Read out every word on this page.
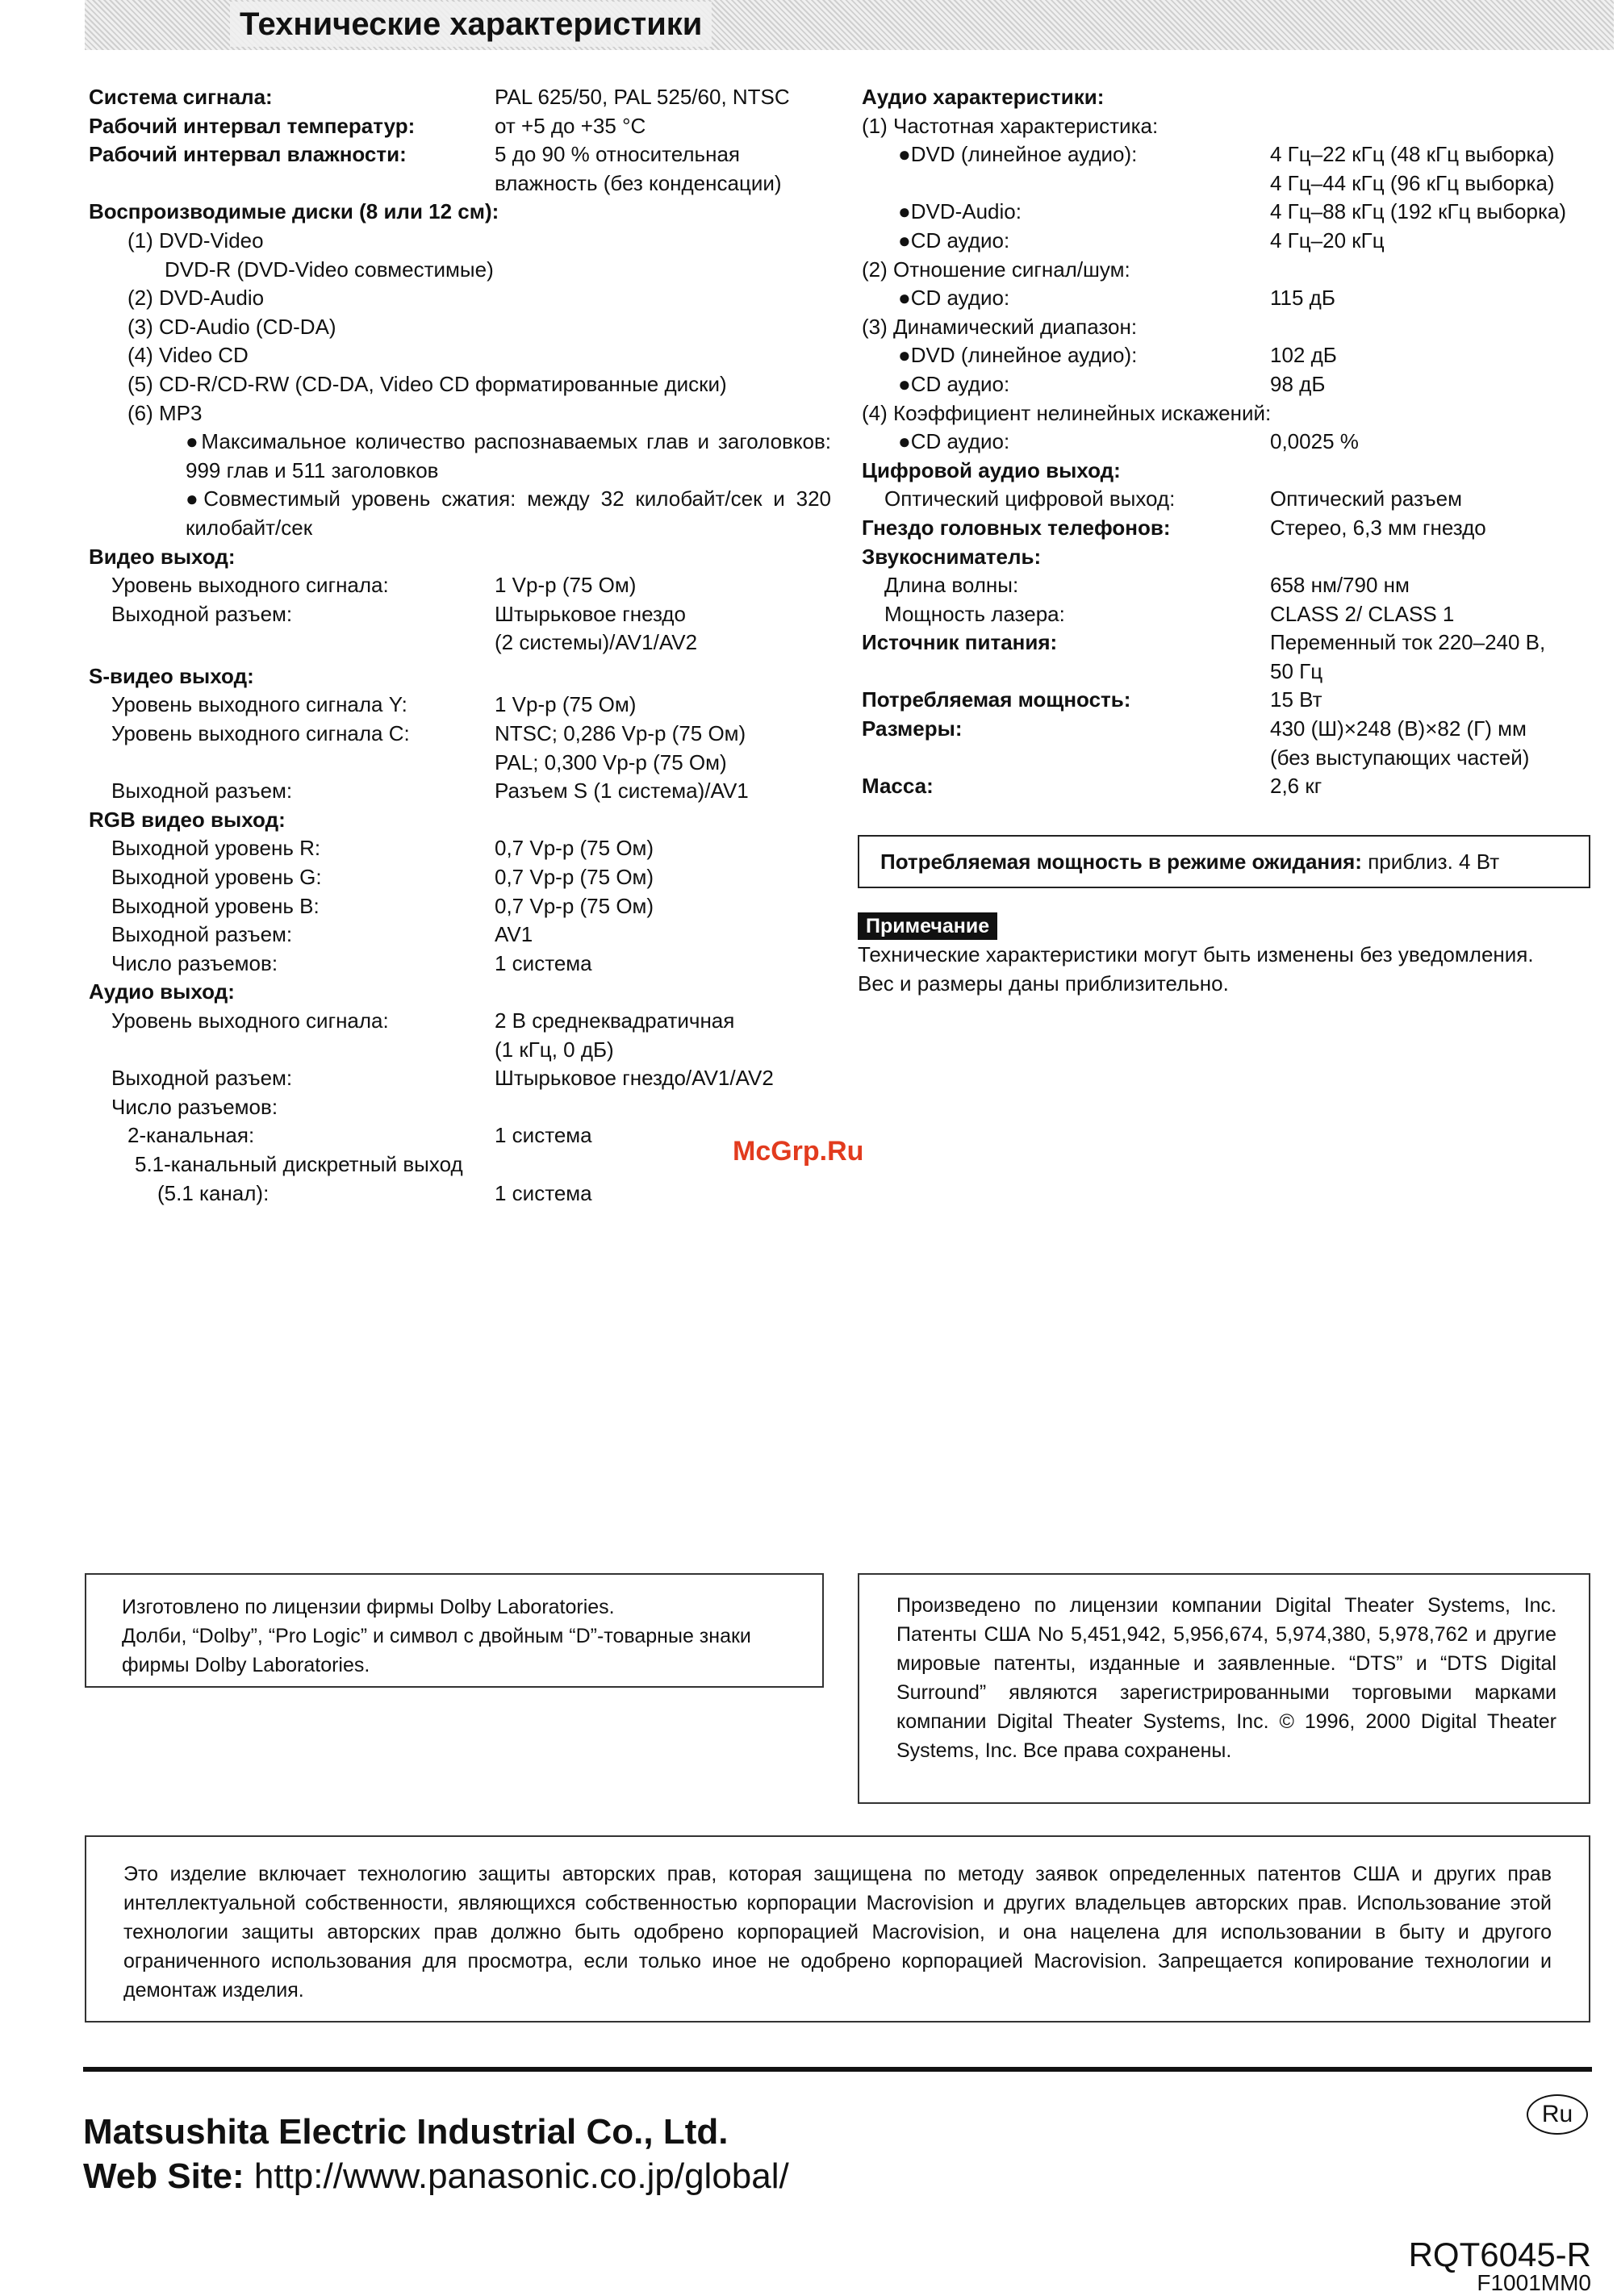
Технические характеристики
Система сигнала:	PAL 625/50, PAL 525/60, NTSC
Рабочий интервал температур:	от +5 до +35 °C
Рабочий интервал влажности:	5 до 90 % относительная
влажность (без конденсации)
Воспроизводимые диски (8 или 12 см):
(1) DVD-Video
DVD-R (DVD-Video совместимые)
(2) DVD-Audio
(3) CD-Audio (CD-DA)
(4) Video CD
(5) CD-R/CD-RW (CD-DA, Video CD форматированные диски)
(6) MP3
●Максимальное количество распознаваемых глав и заголовков: 999 глав и 511 заголовков
●Совместимый уровень сжатия: между 32 килобайт/сек и 320 килобайт/сек
Видео выход:
Уровень выходного сигнала:	1 Vp-p (75 Ом)
Выходной разъем:	Штырьковое гнездо
(2 системы)/AV1/AV2
S-видео выход:
Уровень выходного сигнала Y:	1 Vp-p (75 Ом)
Уровень выходного сигнала C:	NTSC; 0,286 Vp-p (75 Ом)
PAL; 0,300 Vp-p (75 Ом)
Выходной разъем:	Разъем S (1 система)/AV1
RGB видео выход:
Выходной уровень R:	0,7 Vp-p (75 Ом)
Выходной уровень G:	0,7 Vp-p (75 Ом)
Выходной уровень B:	0,7 Vp-p (75 Ом)
Выходной разъем:	AV1
Число разъемов:	1 система
Аудио выход:
Уровень выходного сигнала:	2 В среднеквадратичная
(1 кГц, 0 дБ)
Выходной разъем:	Штырьковое гнездо/AV1/AV2
Число разъемов:
2-канальная:	1 система
5.1-канальный дискретный выход
(5.1 канал):	1 система
Аудио характеристики:
(1) Частотная характеристика:
●DVD (линейное аудио):	4 Гц–22 кГц (48 кГц выборка)
4 Гц–44 кГц (96 кГц выборка)
●DVD-Audio:	4 Гц–88 кГц (192 кГц выборка)
●CD аудио:	4 Гц–20 кГц
(2) Отношение сигнал/шум:
●CD аудио:	115 дБ
(3) Динамический диапазон:
●DVD (линейное аудио):	102 дБ
●CD аудио:	98 дБ
(4) Коэффициент нелинейных искажений:
●CD аудио:	0,0025 %
Цифровой аудио выход:
Оптический цифровой выход:	Оптический разъем
Гнездо головных телефонов:	Стерео, 6,3 мм гнездо
Звукосниматель:
Длина волны:	658 нм/790 нм
Мощность лазера:	CLASS 2/ CLASS 1
Источник питания:	Переменный ток 220–240 В,
50 Гц
Потребляемая мощность:	15 Вт
Размеры:	430 (Ш)×248 (В)×82 (Г) мм
(без выступающих частей)
Масса:	2,6 кг
Потребляемая мощность в режиме ожидания: приблиз. 4 Вт
Примечание
Технические характеристики могут быть изменены без уведомления.
Вес и размеры даны приблизительно.
McGrp.Ru

Изготовлено по лицензии фирмы Dolby Laboratories.

Долби, “Dolby”, “Pro Logic” и символ с двойным “D”-товарные знаки фирмы Dolby Laboratories.

Произведено по лицензии компании Digital Theater Systems, Inc. Патенты США No 5,451,942, 5,956,674, 5,974,380, 5,978,762 и другие мировые патенты, изданные и заявленные. “DTS” и “DTS Digital Surround” являются зарегистрированными торговыми марками компании Digital Theater Systems, Inc. © 1996, 2000 Digital Theater Systems, Inc. Все права сохранены.

Это изделие включает технологию защиты авторских прав, которая защищена по методу заявок определенных патентов США и других прав интеллектуальной собственности, являющихся собственностью корпорации Macrovision и других владельцев авторских прав. Использование этой технологии защиты авторских прав должно быть одобрено корпорацией Macrovision, и она нацелена для использовании в быту и другого ограниченного использования для просмотра, если только иное не одобрено корпорацией Macrovision. Запрещается копирование технологии и демонтаж изделия.

Matsushita Electric Industrial Co., Ltd.
Web Site: http://www.panasonic.co.jp/global/
Ru
RQT6045-R
F1001MM0
